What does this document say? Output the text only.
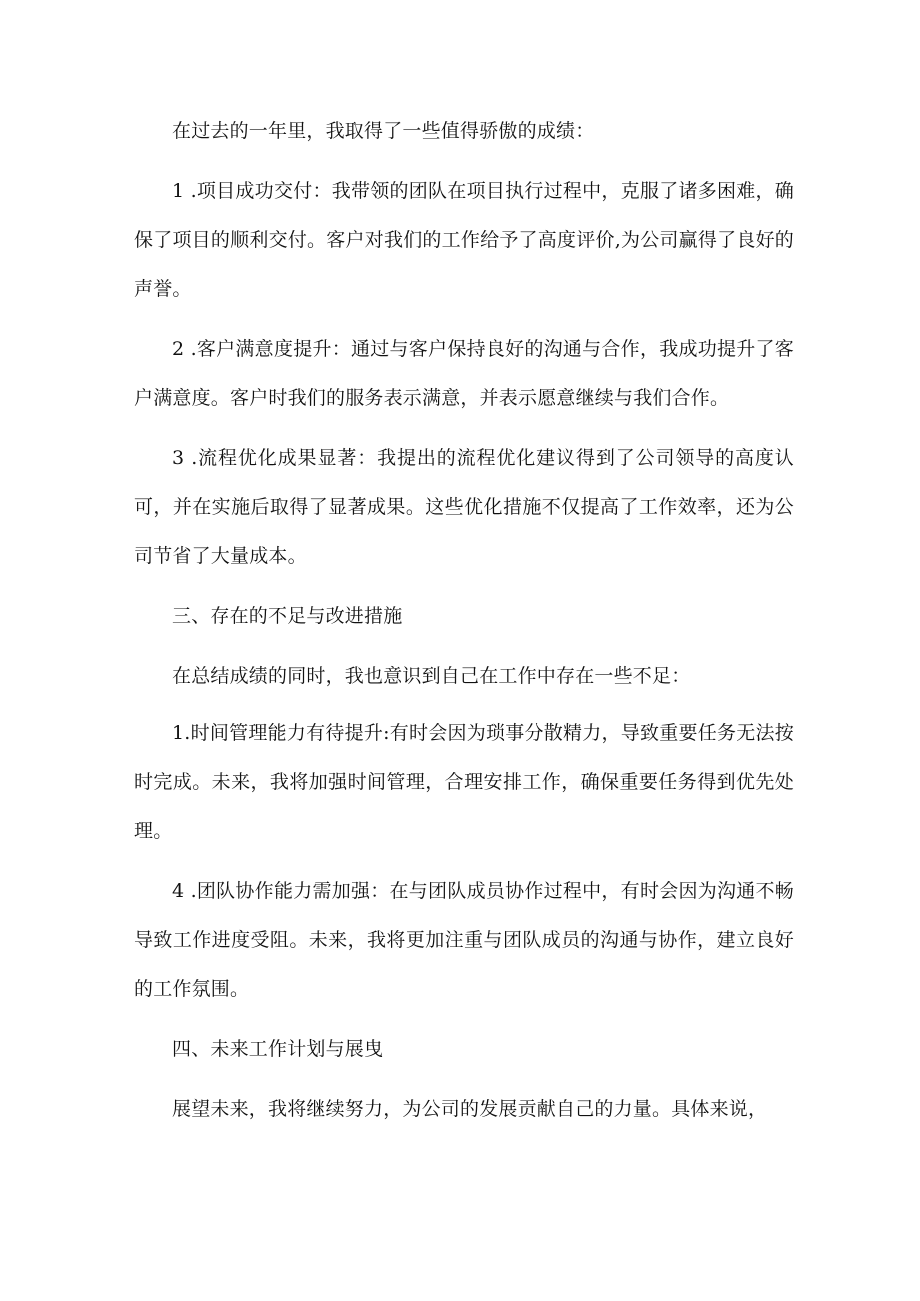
在过去的一年里，我取得了一些值得骄傲的成绩：

1 .项目成功交付：我带领的团队在项目执行过程中，克服了诸多困难，确保了项目的顺利交付。客户对我们的工作给予了高度评价,为公司赢得了良好的声誉。

2 .客户满意度提升：通过与客户保持良好的沟通与合作，我成功提升了客户满意度。客户时我们的服务表示满意，并表示愿意继续与我们合作。

3 .流程优化成果显著：我提出的流程优化建议得到了公司领导的高度认可，并在实施后取得了显著成果。这些优化措施不仅提高了工作效率，还为公司节省了大量成本。

三、存在的不足与改进措施

在总结成绩的同时，我也意识到自己在工作中存在一些不足：

1.时间管理能力有待提升:有时会因为琐事分散精力，导致重要任务无法按时完成。未来，我将加强时间管理，合理安排工作，确保重要任务得到优先处理。

4 .团队协作能力需加强：在与团队成员协作过程中，有时会因为沟通不畅导致工作进度受阻。未来，我将更加注重与团队成员的沟通与协作，建立良好的工作氛围。

四、未来工作计划与展曳

展望未来，我将继续努力，为公司的发展贡献自己的力量。具体来说，
